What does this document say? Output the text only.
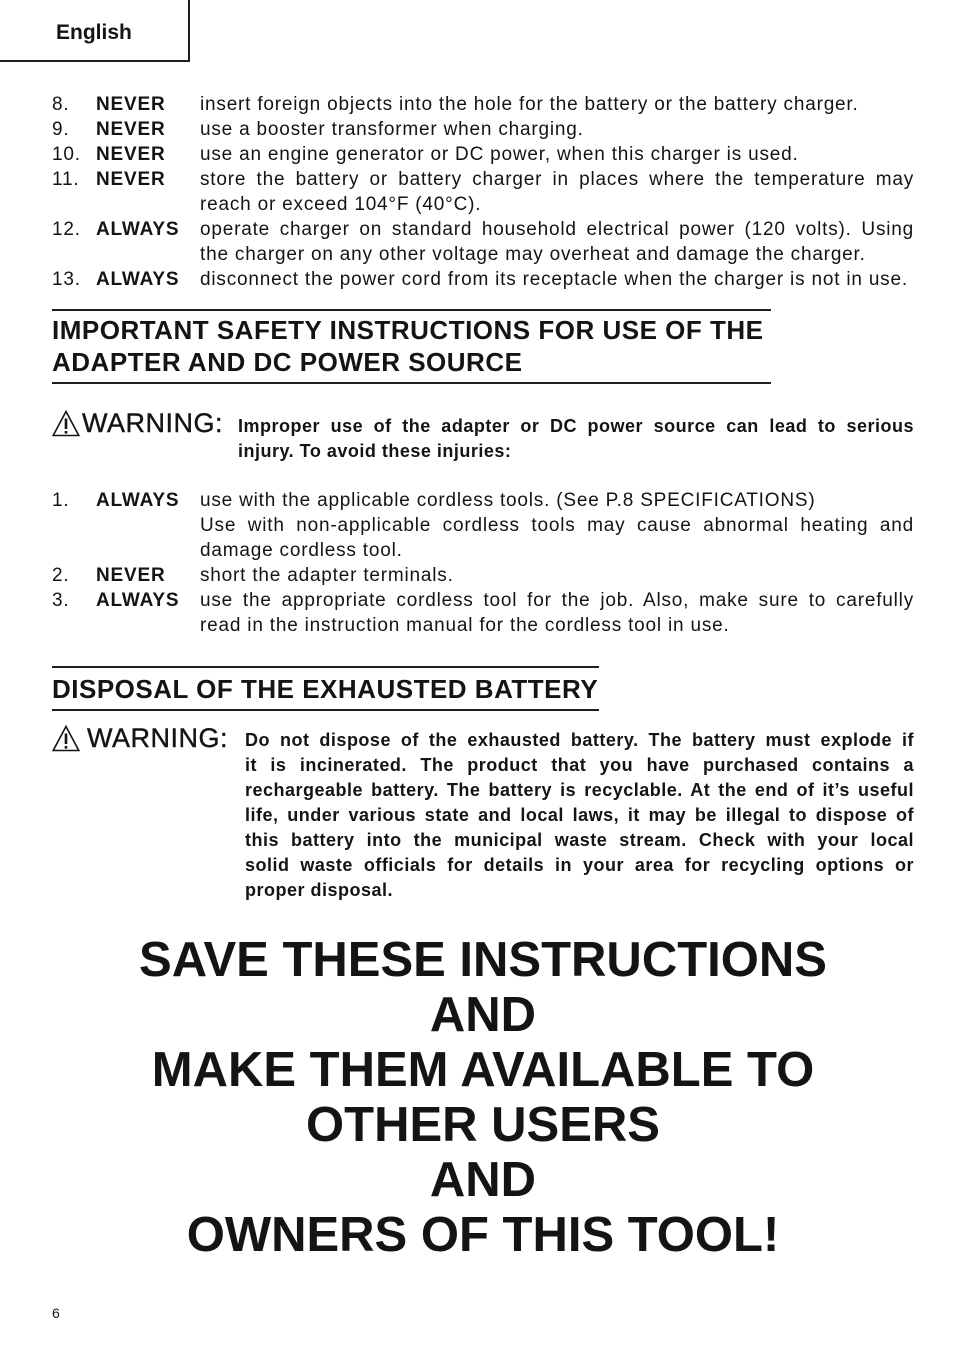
English
8.	NEVER	insert foreign objects into the hole for the battery or the battery charger.
9.	NEVER	use a booster transformer when charging.
10. NEVER	use an engine generator or DC power, when this charger is used.
11. NEVER	store the battery or battery charger in places where the temperature may
reach or exceed 104°F (40°C).
12. ALWAYS	operate charger on standard household electrical power (120 volts). Using
the charger on any other voltage may overheat and damage the charger.
13. ALWAYS	disconnect the power cord from its receptacle when the charger is not in use.
IMPORTANT SAFETY INSTRUCTIONS FOR USE OF THE
ADAPTER AND DC POWER SOURCE
WARNING: Improper use of the adapter or DC power source can lead to serious
injury. To avoid these injuries:
1.	ALWAYS	use with the applicable cordless tools. (See P.8 SPECIFICATIONS)
Use with non-applicable cordless tools may cause abnormal heating and
damage cordless tool.
2.	NEVER	short the adapter terminals.
3.	ALWAYS	use the appropriate cordless tool for the job. Also, make sure to carefully
read in the instruction manual for the cordless tool in use.
DISPOSAL OF THE EXHAUSTED BATTERY
WARNING: Do not dispose of the exhausted battery. The battery must explode if
it is incinerated. The product that you have purchased contains a
rechargeable battery. The battery is recyclable. At the end of it’s useful
life, under various state and local laws, it may be illegal to dispose of
this battery into the municipal waste stream. Check with your local
solid waste officials for details in your area for recycling options or
proper disposal.
SAVE THESE INSTRUCTIONS
AND
MAKE THEM AVAILABLE TO
OTHER USERS
AND
OWNERS OF THIS TOOL!
6
